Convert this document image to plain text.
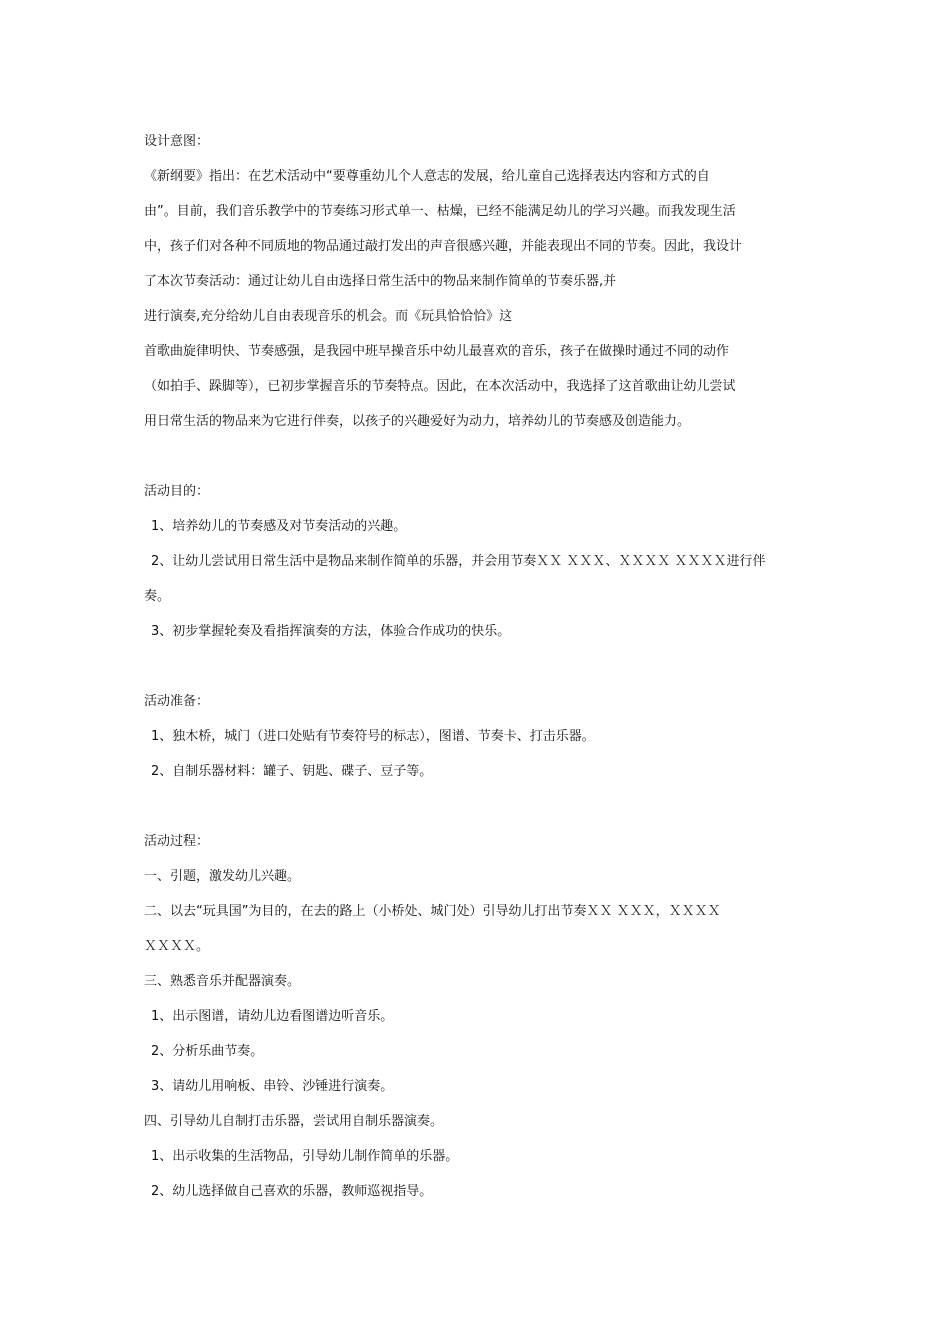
设计意图：
《新纲要》指出：在艺术活动中“要尊重幼儿个人意志的发展，给儿童自己选择表达内容和方式的自
由”。目前，我们音乐教学中的节奏练习形式单一、枯燥，已经不能满足幼儿的学习兴趣。而我发现生活
中，孩子们对各种不同质地的物品通过敲打发出的声音很感兴趣，并能表现出不同的节奏。因此，我设计
了本次节奏活动：通过让幼儿自由选择日常生活中的物品来制作简单的节奏乐器,并
进行演奏,充分给幼儿自由表现音乐的机会。而《玩具恰恰恰》这
首歌曲旋律明快、节奏感强，是我园中班早操音乐中幼儿最喜欢的音乐，孩子在做操时通过不同的动作
（如拍手、跺脚等），已初步掌握音乐的节奏特点。因此，在本次活动中，我选择了这首歌曲让幼儿尝试
用日常生活的物品来为它进行伴奏，以孩子的兴趣爱好为动力，培养幼儿的节奏感及创造能力。
活动目的：
1、培养幼儿的节奏感及对节奏活动的兴趣。
2、让幼儿尝试用日常生活中是物品来制作简单的乐器，并会用节奏ＸＸ ＸＸＸ、ＸＸＸＸ ＸＸＸＸ进行伴
奏。
3、初步掌握轮奏及看指挥演奏的方法，体验合作成功的快乐。
活动准备：
1、独木桥，城门（进口处贴有节奏符号的标志），图谱、节奏卡、打击乐器。
2、自制乐器材料：罐子、钥匙、碟子、豆子等。
活动过程：
一、引题，激发幼儿兴趣。
二、以去“玩具国”为目的，在去的路上（小桥处、城门处）引导幼儿打出节奏ＸＸ ＸＸＸ，ＸＸＸＸ
ＸＸＸＸ。
三、熟悉音乐并配器演奏。
1、出示图谱，请幼儿边看图谱边听音乐。
2、分析乐曲节奏。
3、请幼儿用响板、串铃、沙锤进行演奏。
四、引导幼儿自制打击乐器，尝试用自制乐器演奏。
1、出示收集的生活物品，引导幼儿制作简单的乐器。
2、幼儿选择做自己喜欢的乐器，教师巡视指导。
